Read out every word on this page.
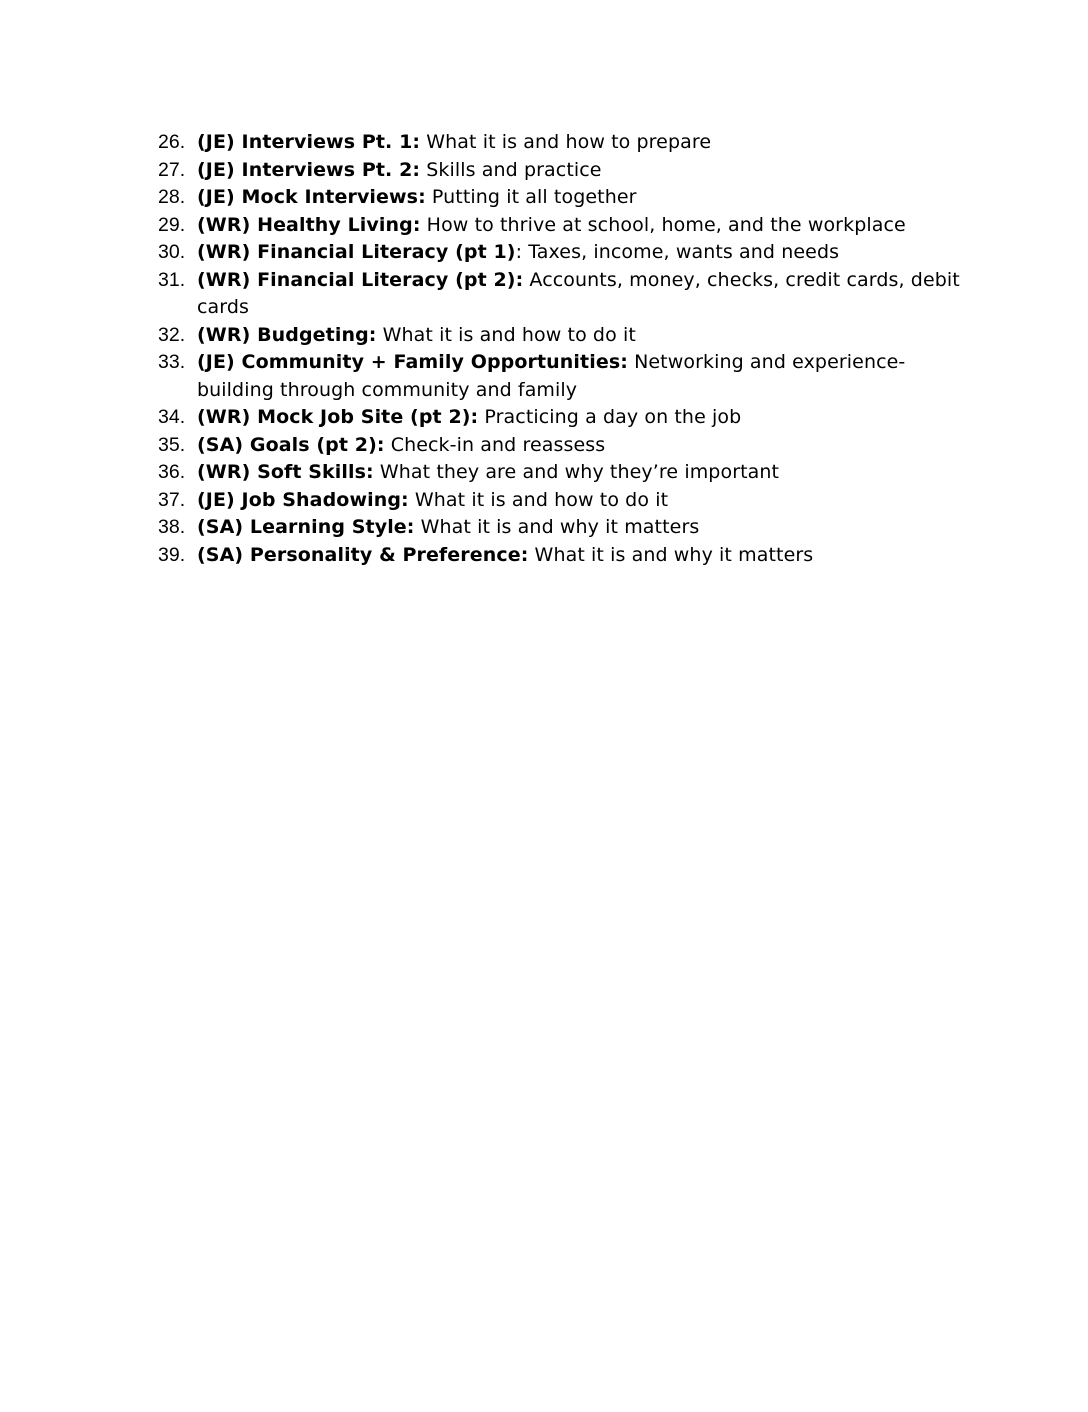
26. (JE) Interviews Pt. 1: What it is and how to prepare
27. (JE) Interviews Pt. 2: Skills and practice
28. (JE) Mock Interviews: Putting it all together
29. (WR) Healthy Living: How to thrive at school, home, and the workplace
30. (WR) Financial Literacy (pt 1): Taxes, income, wants and needs
31. (WR) Financial Literacy (pt 2): Accounts, money, checks, credit cards, debit cards
32. (WR) Budgeting: What it is and how to do it
33. (JE) Community + Family Opportunities: Networking and experience-building through community and family
34. (WR) Mock Job Site (pt 2): Practicing a day on the job
35. (SA) Goals (pt 2): Check-in and reassess
36. (WR) Soft Skills: What they are and why they’re important
37. (JE) Job Shadowing: What it is and how to do it
38. (SA) Learning Style: What it is and why it matters
39. (SA) Personality & Preference: What it is and why it matters
